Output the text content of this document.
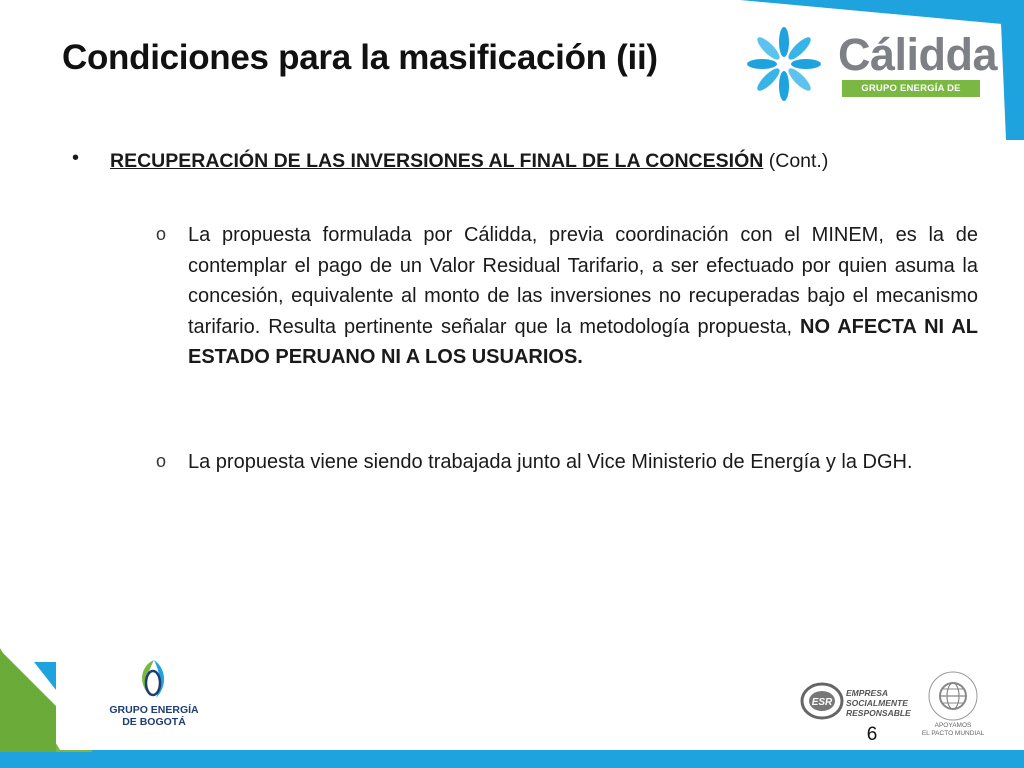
Condiciones para la masificación (ii)	Cálidda
GRUPO ENERGÍA DE BOGOTÁ
• RECUPERACIÓN DE LAS INVERSIONES AL FINAL DE LA CONCESIÓN (Cont.)
o La propuesta formulada por Cálidda, previa coordinación con el MINEM, es la de contemplar el pago de un Valor Residual Tarifario, a ser efectuado por quien asuma la concesión, equivalente al monto de las inversiones no recuperadas bajo el mecanismo tarifario. Resulta pertinente señalar que la metodología propuesta, NO AFECTA NI AL ESTADO PERUANO NI A LOS USUARIOS.
o La propuesta viene siendo trabajada junto al Vice Ministerio de Energía y la DGH.
GRUPO ENERGÍA
DE BOGOTÁ
ESR
EMPRESA
SOCIALMENTE
RESPONSABLE
APOYAMOS
EL PACTO MUNDIAL
6
